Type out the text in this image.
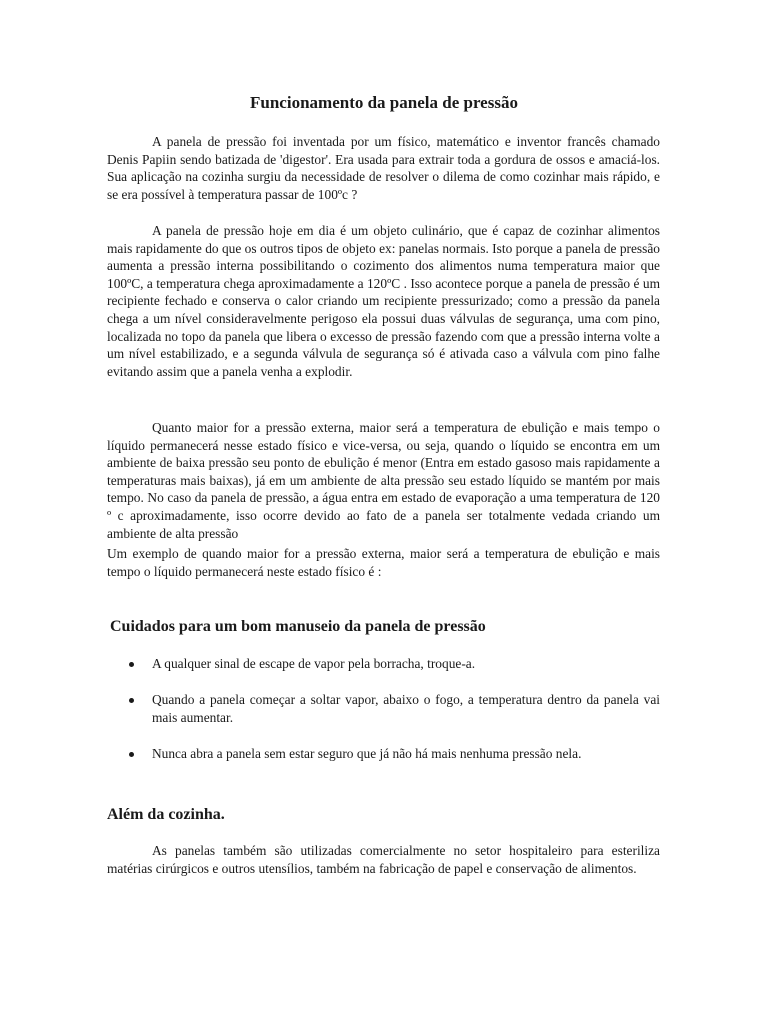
Funcionamento da panela de pressão

A panela de pressão foi inventada por um físico, matemático e inventor francês chamado Denis Papiin sendo batizada de 'digestor'. Era usada para extrair toda a gordura de ossos e amaciá-los. Sua aplicação na cozinha surgiu da necessidade de resolver o dilema de como cozinhar mais rápido, e se era possível à temperatura passar de 100ºc ?

A panela de pressão hoje em dia é um objeto culinário, que é capaz de cozinhar alimentos mais rapidamente do que os outros tipos de objeto ex: panelas normais. Isto porque a panela de pressão aumenta a pressão interna possibilitando o cozimento dos alimentos numa temperatura maior que 100ºC, a temperatura chega aproximadamente a 120ºC . Isso acontece porque a panela de pressão é um recipiente fechado e conserva o calor criando um recipiente pressurizado; como a pressão da panela chega a um nível consideravelmente perigoso ela possui duas válvulas de segurança, uma com pino, localizada no topo da panela que libera o excesso de pressão fazendo com que a pressão interna volte a um nível estabilizado, e a segunda válvula de segurança só é ativada caso a válvula com pino falhe evitando assim que a panela venha a explodir.

Quanto maior for a pressão externa, maior será a temperatura de ebulição e mais tempo o líquido permanecerá nesse estado físico e vice-versa, ou seja, quando o líquido se encontra em um ambiente de baixa pressão seu ponto de ebulição é menor (Entra em estado gasoso mais rapidamente a temperaturas mais baixas), já em um ambiente de alta pressão seu estado líquido se mantém por mais tempo. No caso da panela de pressão, a água entra em estado de evaporação a uma temperatura de 120 º c aproximadamente, isso ocorre devido ao fato de a panela ser totalmente vedada criando um ambiente de alta pressão

Um exemplo de quando maior for a pressão externa, maior será a temperatura de ebulição e mais tempo o líquido permanecerá neste estado físico é :

Cuidados para um bom manuseio da panela de pressão
A qualquer sinal de escape de vapor pela borracha, troque-a.
Quando a panela começar a soltar vapor, abaixo o fogo, a temperatura dentro da panela vai mais aumentar.
Nunca abra a panela sem estar seguro que já não há mais nenhuma pressão nela.
Além da cozinha.

As panelas também são utilizadas comercialmente no setor hospitaleiro para esteriliza matérias cirúrgicos e outros utensílios, também na fabricação de papel e conservação de alimentos.
